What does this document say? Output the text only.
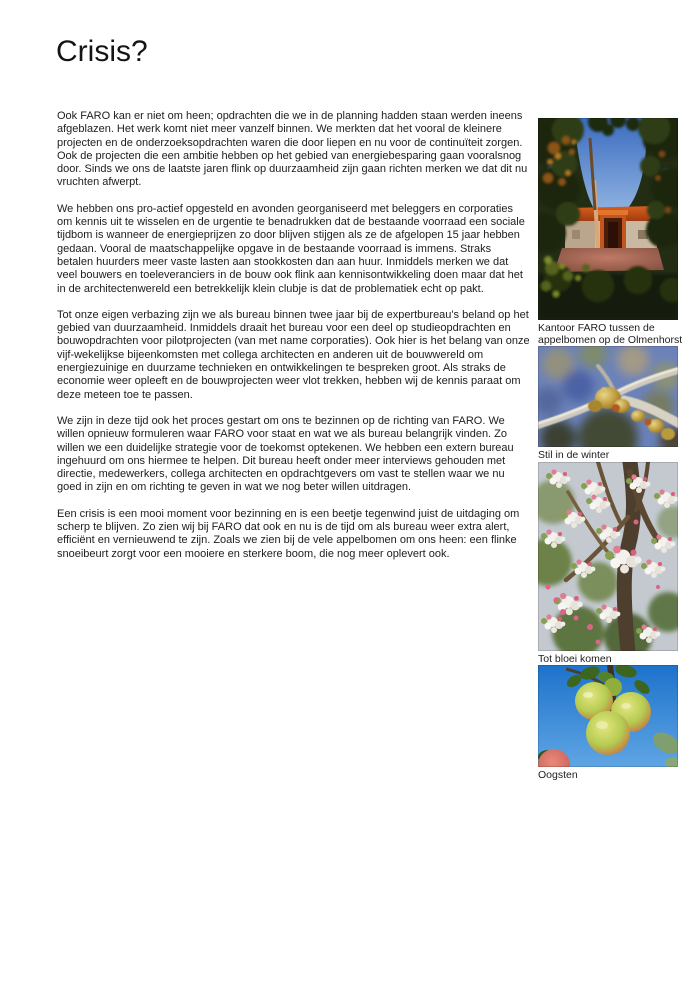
Crisis?

Ook FARO kan er niet om heen; opdrachten die we in de planning hadden staan werden ineens afgeblazen. Het werk komt niet meer vanzelf binnen. We merkten dat het vooral de kleinere projecten en de onderzoeksopdrachten waren die door liepen en nu voor de continuïteit zorgen. Ook de projecten die een ambitie hebben op het gebied van energiebesparing gaan vooralsnog door. Sinds we ons de laatste jaren flink op duurzaamheid zijn gaan richten merken we dat dit nu vruchten afwerpt.

We hebben ons pro-actief opgesteld en avonden georganiseerd met beleggers en corporaties om kennis uit te wisselen en de urgentie te benadrukken dat de bestaande voorraad een sociale tijdbom is wanneer de energieprijzen zo door blijven stijgen als ze de afgelopen 15 jaar hebben gedaan. Vooral de maatschappelijke opgave in de bestaande voorraad is immens. Straks betalen huurders meer vaste lasten aan stookkosten dan aan huur. Inmiddels merken we dat veel bouwers en toeleveranciers in de bouw ook flink aan kennisontwikkeling doen maar dat het in de architectenwereld een betrekkelijk klein clubje is dat de problematiek echt op pakt.

Tot onze eigen verbazing zijn we als bureau binnen twee jaar bij de expertbureau's beland op het gebied van duurzaamheid. Inmiddels draait het bureau voor een deel op studieopdrachten en bouwopdrachten voor pilotprojecten (van met name corporaties). Ook hier is het belang van onze vijf-wekelijkse bijeenkomsten met collega architecten en anderen uit de bouwwereld om energiezuinige en duurzame technieken en ontwikkelingen te bespreken groot. Als straks de economie weer opleeft en de bouwprojecten weer vlot trekken, hebben wij de kennis paraat om deze meteen toe te passen.

We zijn in deze tijd ook het proces gestart om ons te bezinnen op de richting van FARO. We willen opnieuw formuleren waar FARO voor staat en wat we als bureau belangrijk vinden. Zo willen we een duidelijke strategie voor de toekomst optekenen. We hebben een extern bureau ingehuurd om ons hiermee te helpen. Dit bureau heeft onder meer interviews gehouden met directie, medewerkers, collega architecten en opdrachtgevers om vast te stellen waar we nu goed in zijn en om richting te geven in wat we nog beter willen uitdragen.

Een crisis is een mooi moment voor bezinning en is een beetje tegenwind juist de uitdaging om scherp te blijven. Zo zien wij bij FARO dat ook en nu is de tijd om als bureau weer extra alert, efficiënt en vernieuwend te zijn. Zoals we zien bij de vele appelbomen om ons heen: een flinke snoeibeurt zorgt voor een mooiere en sterkere boom, die nog meer oplevert ook.

Kantoor FARO tussen de appelbomen op de Olmenhorst
Stil in de winter
Tot bloei komen
Oogsten
